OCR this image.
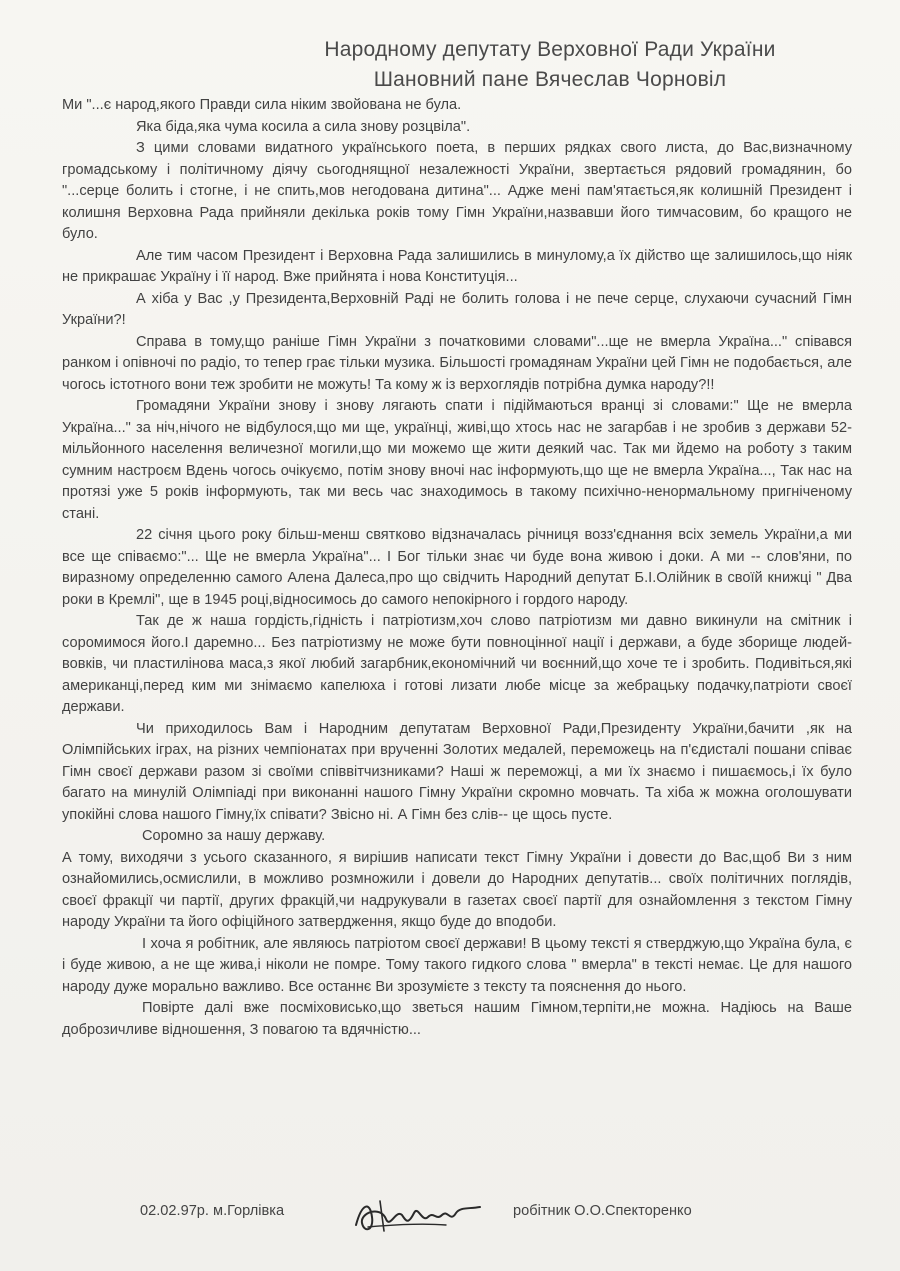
Народному депутату Верховної Ради України
Шановний пане Вячеслав Чорновіл

Ми "...є народ,якого Правди сила ніким звойована не була.

Яка біда,яка чума косила а сила знову розцвіла".

З цими словами видатного українського поета, в перших рядках свого листа, до Вас,визначному громадському і політичному діячу сьогоднящної незалежності України, звертається рядовий громадянин, бо "...серце болить і стогне, і не спить,мов негодована дитина"... Адже мені пам'ятається,як колишній Президент і колишня Верховна Рада прийняли декілька років тому Гімн України,назвавши його тимчасовим, бо кращого не було.

Але тим часом Президент і Верховна Рада залишились в минулому,а їх дійство ще залишилось,що ніяк не прикрашає Україну і її народ. Вже прийнята і нова Конституція...

А хіба у Вас ,у Президента,Верховній Раді не болить голова і не пече серце, слухаючи сучасний Гімн України?!

Справа в тому,що раніше Гімн України з початковими словами"...ще не вмерла Україна..." співався ранком і опівночі по радіо, то тепер грає тільки музика. Більшості громадянам України цей Гімн не подобається, але чогось істотного вони теж зробити не можуть! Та кому ж із верхоглядів потрібна думка народу?!!

Громадяни України знову і знову лягають спати і підіймаються вранці зі словами:" Ще не вмерла Україна..." за ніч,нічого не відбулося,що ми ще, українці, живі,що хтось нас не загарбав і не зробив з держави 52-мільйонного населення величезної могили,що ми можемо ще жити деякий час. Так ми йдемо на роботу з таким сумним настроєм Вдень чогось очікуємо, потім знову вночі нас інформують,що ще не вмерла Україна..., Так нас на протязі уже 5 років інформують, так ми весь час знаходимось в такому психічно-ненормальному пригніченому стані.

22 січня цього року більш-менш святково відзначалась річниця возз'єднання всіх земель України,а ми все ще співаємо:"... Ще не вмерла Україна"... І Бог тільки знає чи буде вона живою і доки. А ми -- слов'яни, по виразному определенню самого Алена Далеса,про що свідчить Народний депутат Б.І.Олійник в своїй книжці " Два роки в Кремлі", ще в 1945 році,відносимось до самого непокірного і гордого народу.

Так де ж наша гордість,гідність і патріотизм,хоч слово патріотизм ми давно викинули на смітник і соромимося його.І даремно... Без патріотизму не може бути повноцінної нації і держави, а буде зборище людей-вовків, чи пластилінова маса,з якої любий загарбник,економічний чи воєнний,що хоче те і зробить. Подивіться,які американці,перед ким ми знімаємо капелюха і готові лизати любе місце за жебрацьку подачку,патріоти своєї держави.

Чи приходилось Вам і Народним депутатам Верховної Ради,Президенту України,бачити ,як на Олімпійських іграх, на різних чемпіонатах при врученні Золотих медалей, переможець на п'єдисталі пошани співає Гімн своєї держави разом зі своїми співвітчизниками? Наші ж переможці, а ми їх знаємо і пишаємось,і їх було багато на минулій Олімпіаді при виконанні нашого Гімну України скромно мовчать. Та хіба ж можна оголошувати упокійні слова нашого Гімну,їх співати? Звісно ні. А Гімн без слів-- це щось пусте.

Соромно за нашу державу.

А тому, виходячи з усього сказанного, я вирішив написати текст Гімну України і довести до Вас,щоб Ви з ним ознайомились,осмислили, в можливо розмножили і довели до Народних депутатів... своїх політичних поглядів, своєї фракції чи партії, других фракцій,чи надрукували в газетах своєї партії для ознайомлення з текстом Гімну народу України та його офіційного затвердження, якщо буде до вподоби.

І хоча я робітник, але являюсь патріотом своєї держави! В цьому тексті я стверджую,що Україна була, є і буде живою, а не ще жива,і ніколи не помре. Тому такого гидкого слова " вмерла" в тексті немає. Це для нашого народу дуже морально важливо. Все останнє Ви зрозумієте з тексту та пояснення до нього.

Повірте далі вже посміховисько,що зветься нашим Гімном,терпіти,не можна. Надіюсь на Ваше доброзичливе відношення, З повагою та вдячністю...

02.02.97р. м.Горлівка	робітник О.О.Спекторенко
